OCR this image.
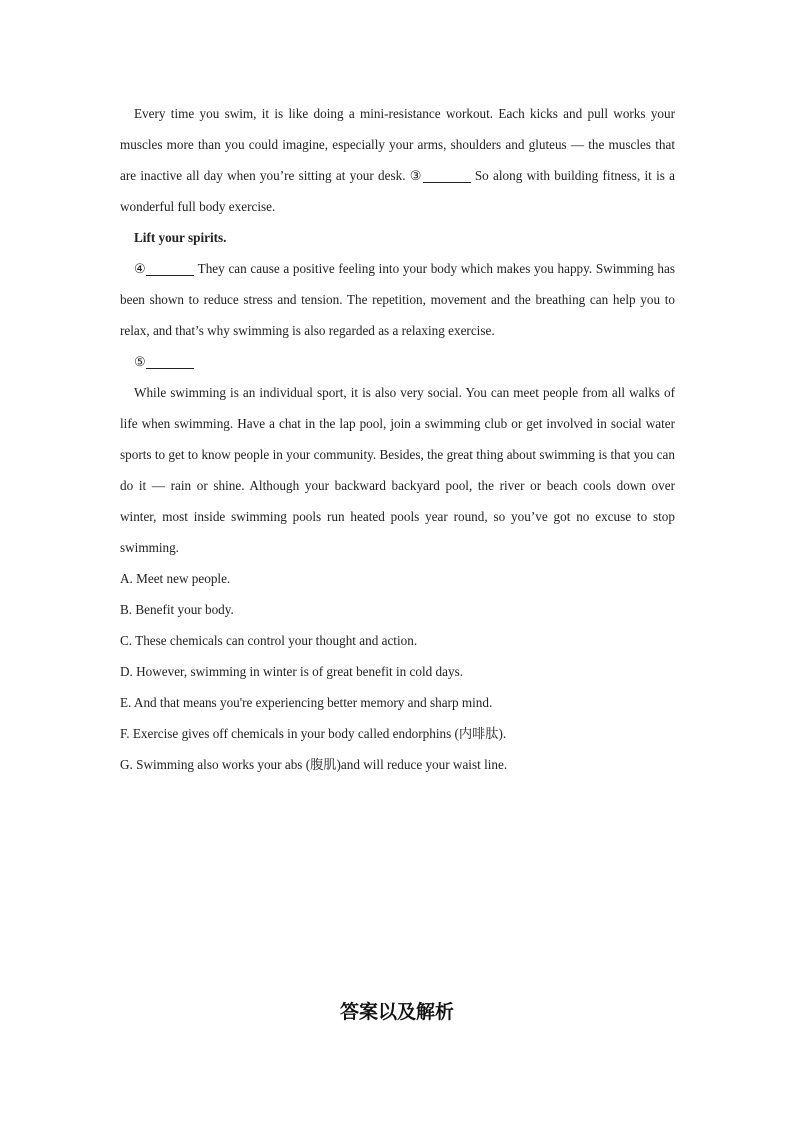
Every time you swim, it is like doing a mini-resistance workout. Each kicks and pull works your muscles more than you could imagine, especially your arms, shoulders and gluteus — the muscles that are inactive all day when you’re sitting at your desk. ③	So along with building fitness, it is a wonderful full body exercise.

Lift your spirits.

④	They can cause a positive feeling into your body which makes you happy. Swimming has been shown to reduce stress and tension. The repetition, movement and the breathing can help you to relax, and that’s why swimming is also regarded as a relaxing exercise.

⑤

While swimming is an individual sport, it is also very social. You can meet people from all walks of life when swimming. Have a chat in the lap pool, join a swimming club or get involved in social water sports to get to know people in your community. Besides, the great thing about swimming is that you can do it — rain or shine. Although your backward backyard pool, the river or beach cools down over winter, most inside swimming pools run heated pools year round, so you’ve got no excuse to stop swimming.

A. Meet new people.
B. Benefit your body.
C. These chemicals can control your thought and action.
D. However, swimming in winter is of great benefit in cold days.
E. And that means you're experiencing better memory and sharp mind.
F. Exercise gives off chemicals in your body called endorphins (内啡肽).
G. Swimming also works your abs (腹肌)and will reduce your waist line.
答案以及解析
